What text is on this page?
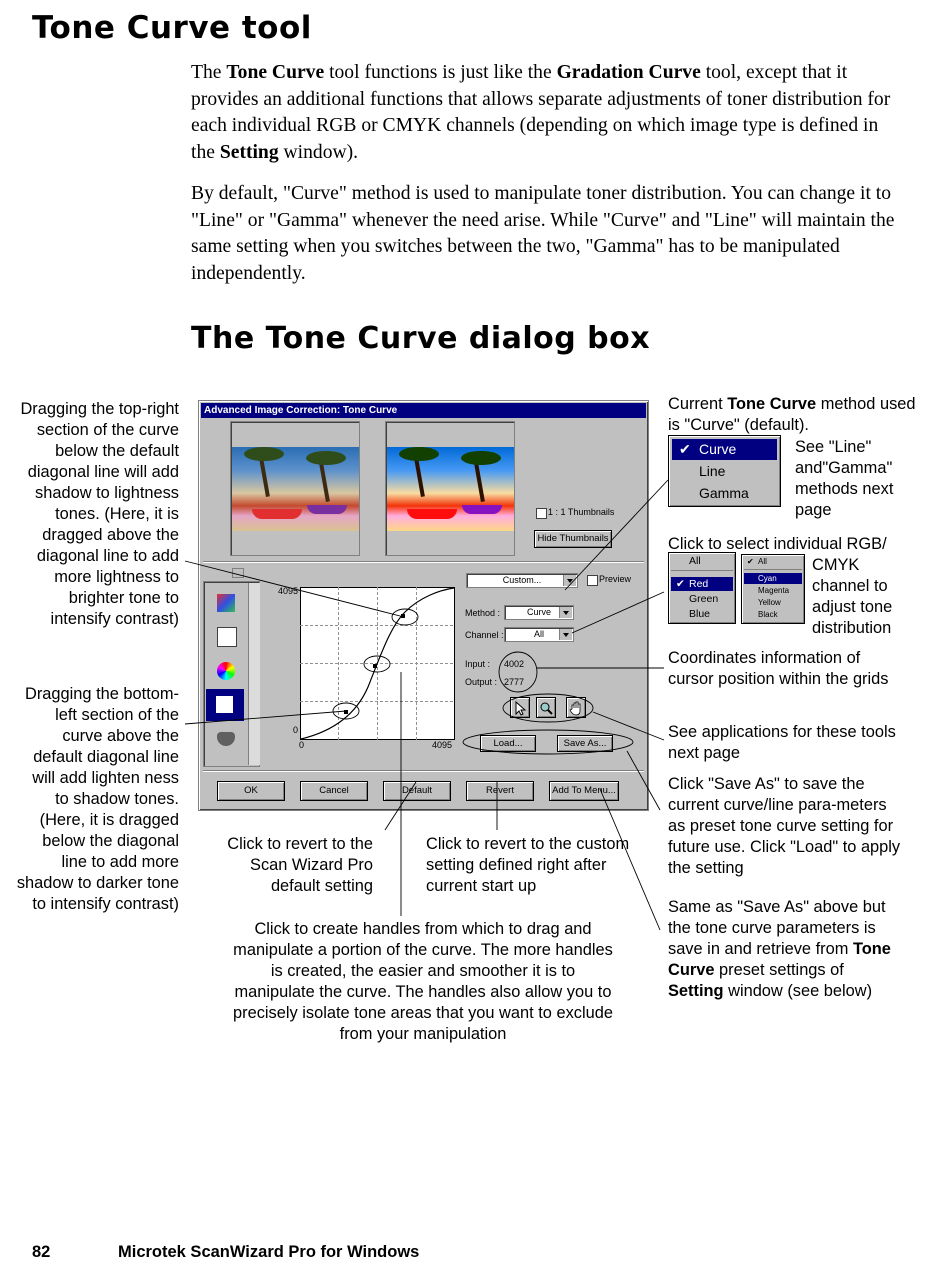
Tone Curve tool
The Tone Curve tool functions is just like the Gradation Curve tool, except that it provides an additional functions that allows separate adjustments of toner distribution for each individual RGB or CMYK channels (depending on which image type is defined in the Setting window).
By default, "Curve" method is used to manipulate toner distribution. You can change it to "Line" or "Gamma" whenever the need arise. While "Curve" and "Line" will maintain the same setting when you switches between the two, "Gamma" has to be manipulated independently.
The Tone Curve dialog box
Advanced Image Correction: Tone Curve
1 : 1 Thumbnails
Hide Thumbnails
4095
0
0	4095
Custom...	Preview
Method :	Curve
Channel :	All
Input : 4002
Output : 2777
Load...	Save As...
OK	Cancel	Default	Revert	Add To Menu...
✔ Curve
Line
Gamma
All
✔ Red
Green
Blue
✔ All
Cyan
Magenta
Yellow
Black
Dragging the top-right section of the curve below the default diagonal line will add shadow to lightness tones. (Here, it is dragged above the diagonal line to add more lightness to brighter tone to intensify contrast)
Dragging the bottom-left section of the curve above the default diagonal line will add lighten ness to shadow tones. (Here, it is dragged below the diagonal line to add more shadow to darker tone to intensify contrast)
Current Tone Curve method used is "Curve" (default).
See "Line" and"Gamma" methods next page
Click to select individual RGB/
CMYK channel to adjust tone distribution
Coordinates information of cursor position within the grids
See applications for these tools next page
Click "Save As" to save the current curve/line para-meters as preset tone curve setting for future use. Click "Load" to apply the setting
Same as "Save As" above but the tone curve parameters is save in and retrieve from Tone Curve preset settings of Setting window (see below)
Click to revert to the Scan Wizard Pro default setting
Click to revert to the custom setting defined right after current start up
Click to create handles from which to drag and manipulate a portion of the curve. The more handles is created, the easier and smoother it is to manipulate the curve. The handles also allow you to precisely isolate tone areas that you want to exclude from your manipulation
82	Microtek ScanWizard Pro for Windows
